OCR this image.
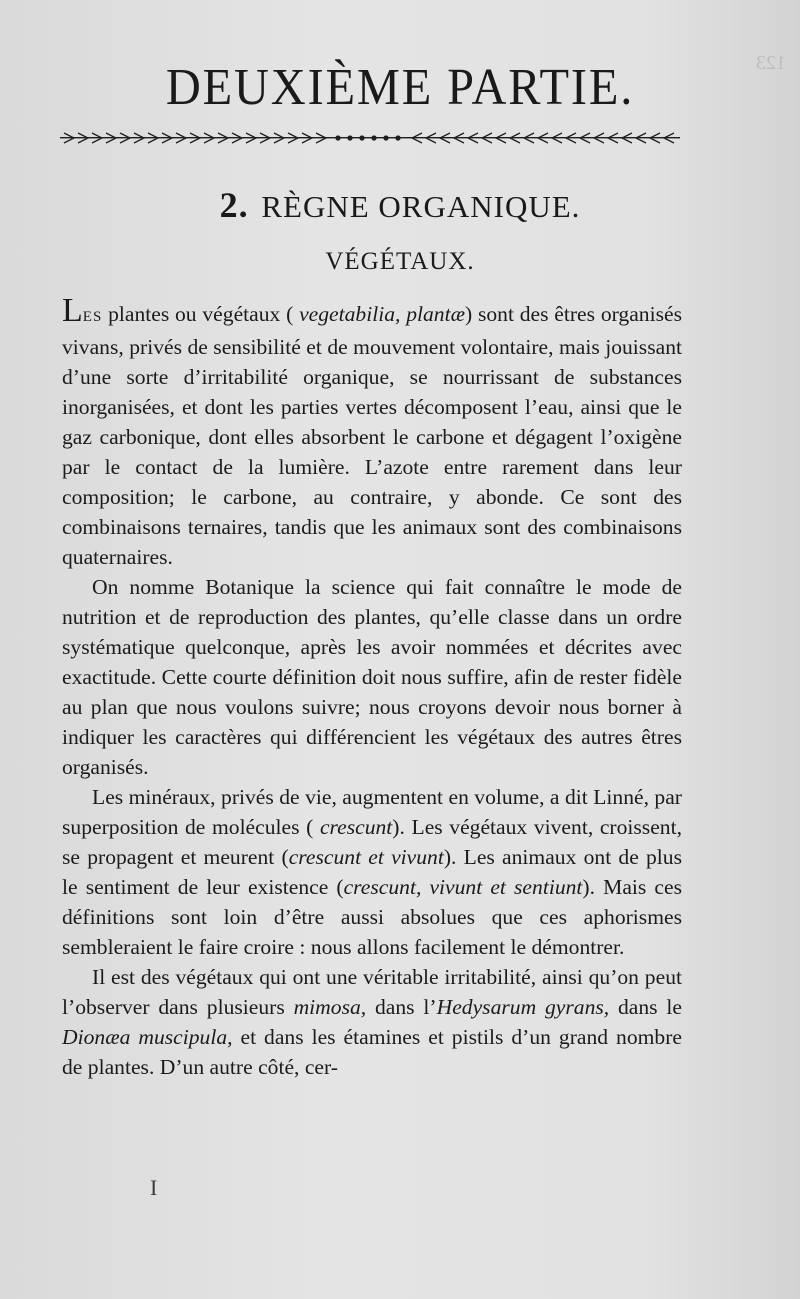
123
DEUXIÈME PARTIE.
2. RÈGNE ORGANIQUE.
VÉGÉTAUX.

LES plantes ou végétaux ( vegetabilia, plantæ) sont des êtres organisés vivans, privés de sensibilité et de mouvement volontaire, mais jouissant d’une sorte d’irritabilité organique, se nourrissant de substances inorganisées, et dont les parties vertes décomposent l’eau, ainsi que le gaz carbonique, dont elles absorbent le carbone et dégagent l’oxigène par le contact de la lumière. L’azote entre rarement dans leur composition; le carbone, au contraire, y abonde. Ce sont des combinaisons ternaires, tandis que les animaux sont des combinaisons quaternaires.

On nomme Botanique la science qui fait connaître le mode de nutrition et de reproduction des plantes, qu’elle classe dans un ordre systématique quelconque, après les avoir nommées et décrites avec exactitude. Cette courte définition doit nous suffire, afin de rester fidèle au plan que nous voulons suivre; nous croyons devoir nous borner à indiquer les caractères qui différencient les végétaux des autres êtres organisés.

Les minéraux, privés de vie, augmentent en volume, a dit Linné, par superposition de molécules ( crescunt). Les végétaux vivent, croissent, se propagent et meurent (crescunt et vivunt). Les animaux ont de plus le sentiment de leur existence (crescunt, vivunt et sentiunt). Mais ces définitions sont loin d’être aussi absolues que ces aphorismes sembleraient le faire croire : nous allons facilement le démontrer.

Il est des végétaux qui ont une véritable irritabilité, ainsi qu’on peut l’observer dans plusieurs mimosa, dans l’Hedysarum gyrans, dans le Dionæa muscipula, et dans les étamines et pistils d’un grand nombre de plantes. D’un autre côté, cer-

I
